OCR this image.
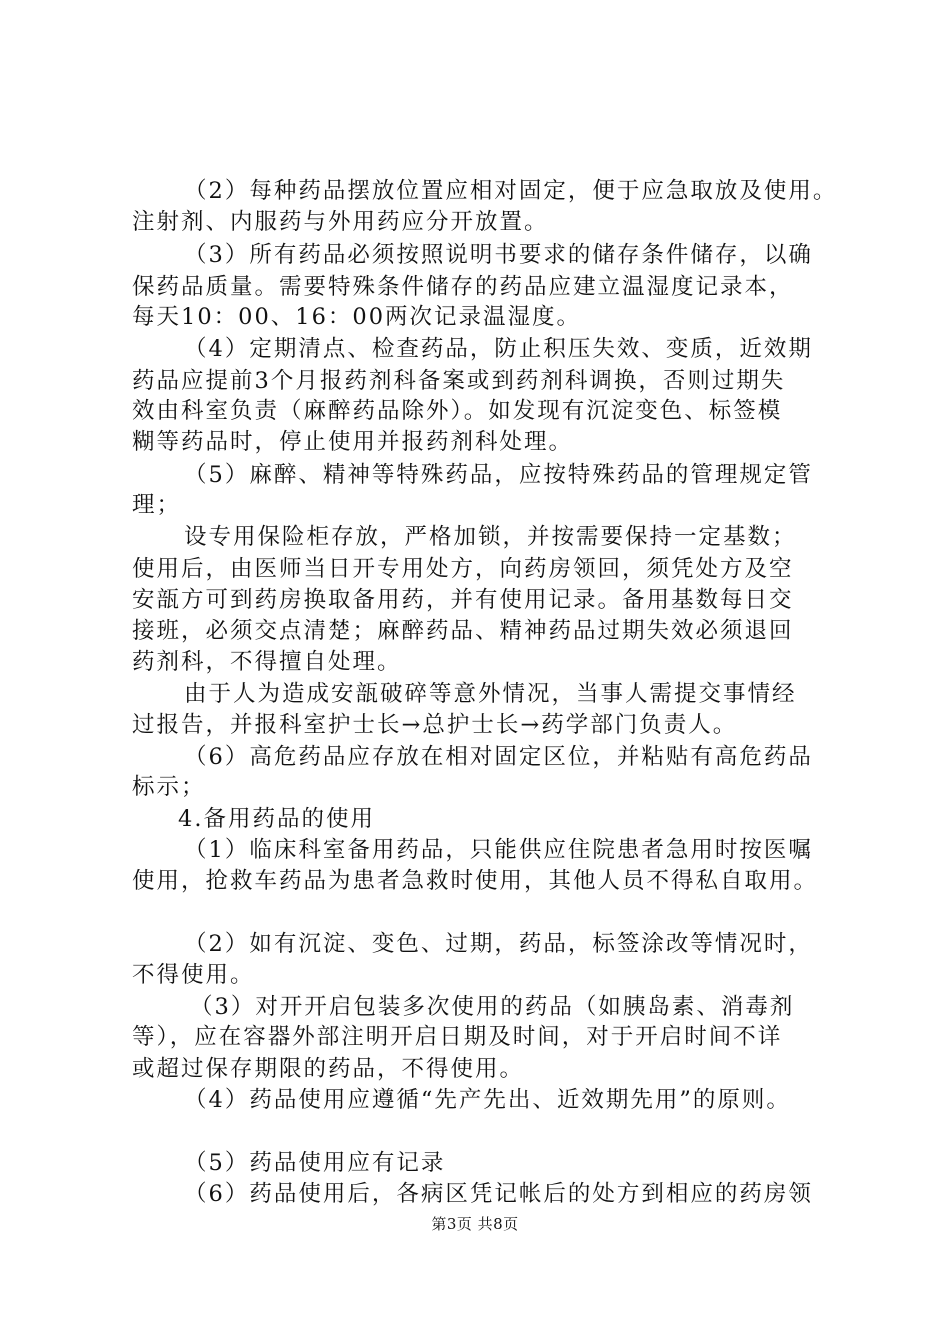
（2）每种药品摆放位置应相对固定，便于应急取放及使用。
注射剂、内服药与外用药应分开放置。
（3）所有药品必须按照说明书要求的储存条件储存，以确
保药品质量。需要特殊条件储存的药品应建立温湿度记录本，
每天10：00、16：00两次记录温湿度。
（4）定期清点、检查药品，防止积压失效、变质，近效期
药品应提前3个月报药剂科备案或到药剂科调换，否则过期失
效由科室负责（麻醉药品除外）。如发现有沉淀变色、标签模
糊等药品时，停止使用并报药剂科处理。
（5）麻醉、精神等特殊药品，应按特殊药品的管理规定管
理；
设专用保险柜存放，严格加锁，并按需要保持一定基数；
使用后，由医师当日开专用处方，向药房领回，须凭处方及空
安瓿方可到药房换取备用药，并有使用记录。备用基数每日交
接班，必须交点清楚；麻醉药品、精神药品过期失效必须退回
药剂科，不得擅自处理。
由于人为造成安瓿破碎等意外情况，当事人需提交事情经
过报告，并报科室护士长→总护士长→药学部门负责人。
（6）高危药品应存放在相对固定区位，并粘贴有高危药品
标示；
4.备用药品的使用
（1）临床科室备用药品，只能供应住院患者急用时按医嘱
使用，抢救车药品为患者急救时使用，其他人员不得私自取用。
（2）如有沉淀、变色、过期，药品，标签涂改等情况时，
不得使用。
（3）对开开启包装多次使用的药品（如胰岛素、消毒剂
等），应在容器外部注明开启日期及时间，对于开启时间不详
或超过保存期限的药品，不得使用。
（4）药品使用应遵循“先产先出、近效期先用”的原则。
（5）药品使用应有记录
（6）药品使用后，各病区凭记帐后的处方到相应的药房领
第3页 共8页
